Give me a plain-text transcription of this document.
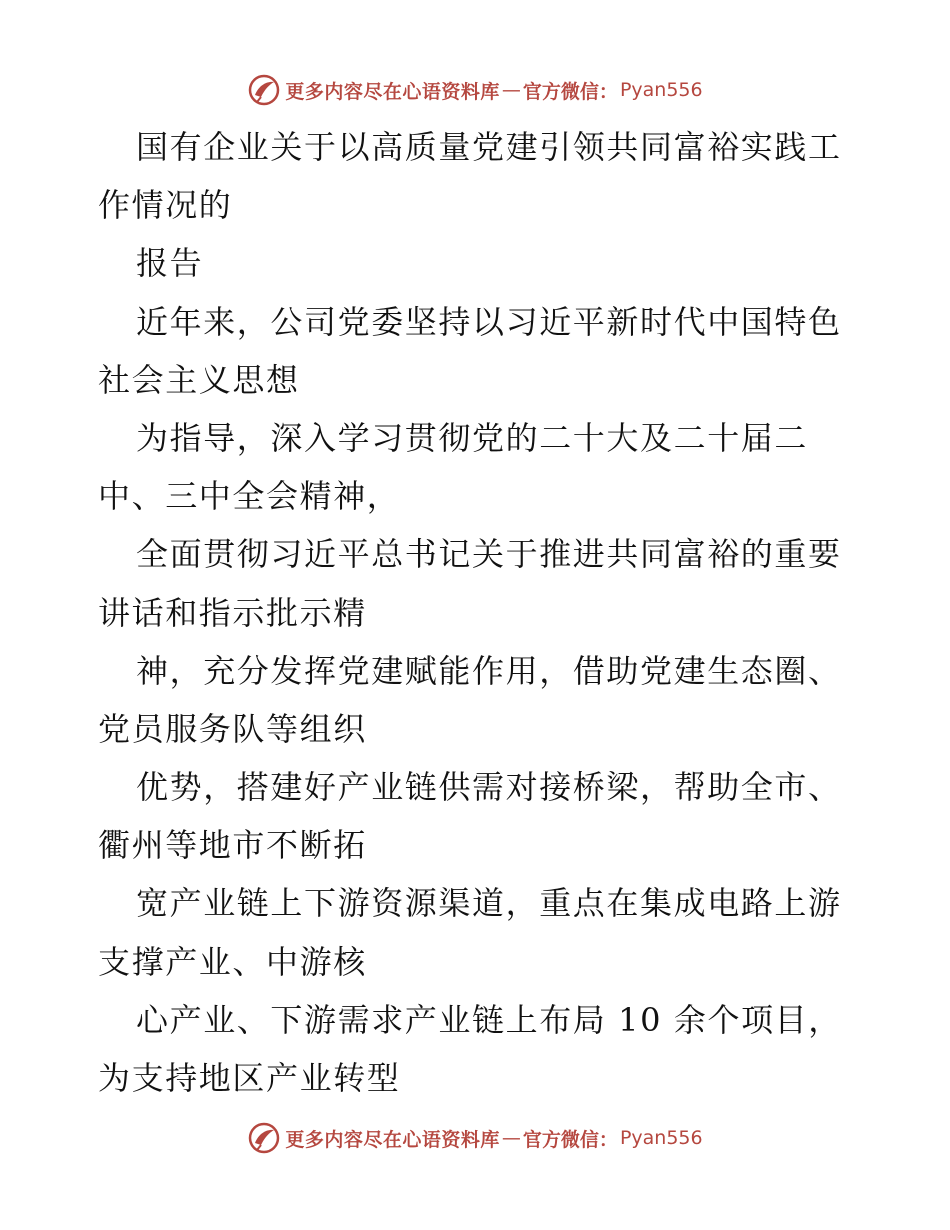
更多内容尽在心语资料库 — 官方微信： Pyan556
国有企业关于以高质量党建引领共同富裕实践工
作情况的
报告
近年来，公司党委坚持以习近平新时代中国特色
社会主义思想
为指导，深入学习贯彻党的二十大及二十届二
中、三中全会精神，
全面贯彻习近平总书记关于推进共同富裕的重要
讲话和指示批示精
神，充分发挥党建赋能作用，借助党建生态圈、
党员服务队等组织
优势，搭建好产业链供需对接桥梁，帮助全市、
衢州等地市不断拓
宽产业链上下游资源渠道，重点在集成电路上游
支撑产业、中游核
心产业、下游需求产业链上布局 10 余个项目，
为支持地区产业转型
更多内容尽在心语资料库 — 官方微信： Pyan556
